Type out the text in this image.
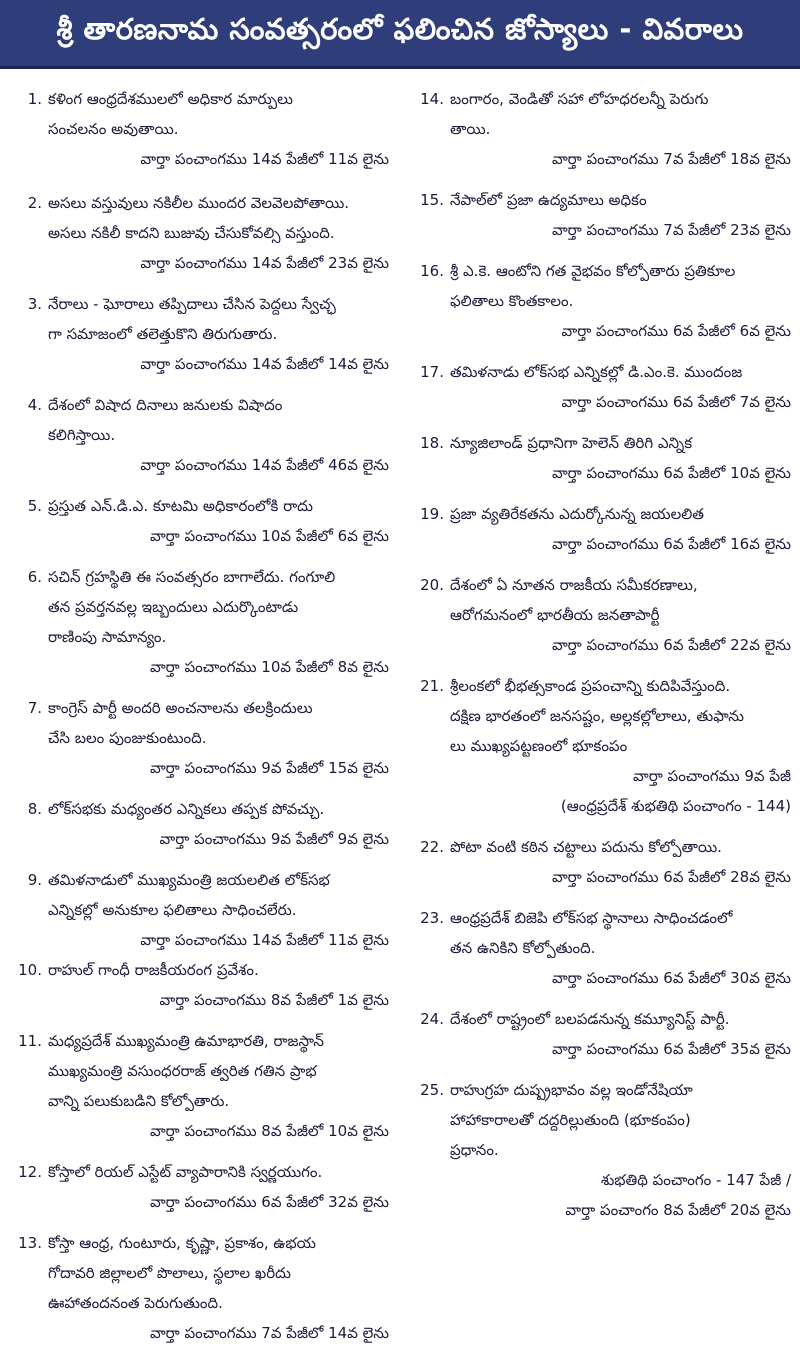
శ్రీ తారణనామ సంవత్సరంలో ఫలించిన జోస్యాలు - వివరాలు
1. కళింగ ఆంధ్రదేశములలో అధికార మార్పులు
సంచలనం అవుతాయి.
వార్తా పంచాంగము 14వ పేజీలో 11వ లైను
2. అసలు వస్తువులు నకిలీల ముందర వెలవెలపోతాయి.
అసలు నకిలీ కాదని బుజువు చేసుకోవల్సి వస్తుంది.
వార్తా పంచాంగము 14వ పేజీలో 23వ లైను
3. నేరాలు - ఘోరాలు తప్పిదాలు చేసిన పెద్దలు స్వేచ్ఛ
గా సమాజంలో తలెత్తుకొని తిరుగుతారు.
వార్తా పంచాంగము 14వ పేజీలో 14వ లైను
4. దేశంలో విషాద దినాలు జనులకు విషాదం
కలిగిస్తాయి.
వార్తా పంచాంగము 14వ పేజీలో 46వ లైను
5. ప్రస్తుత ఎన్.డి.ఎ. కూటమి అధికారంలోకి రాదు
వార్తా పంచాంగము 10వ పేజీలో 6వ లైను
6. సచిన్ గ్రహస్థితి ఈ సంవత్సరం బాగాలేదు. గంగూలి
తన ప్రవర్తనవల్ల ఇబ్బందులు ఎదుర్కొంటాడు
రాణింపు సామాన్యం.
వార్తా పంచాంగము 10వ పేజీలో 8వ లైను
7. కాంగ్రెస్ పార్టీ అందరి అంచనాలను తలక్రిందులు
చేసి బలం పుంజుకుంటుంది.
వార్తా పంచాంగము 9వ పేజీలో 15వ లైను
8. లోక్‌సభకు మధ్యంతర ఎన్నికలు తప్పక పోవచ్చు.
వార్తా పంచాంగము 9వ పేజీలో 9వ లైను
9. తమిళనాడులో ముఖ్యమంత్రి జయలలిత లోక్‌సభ
ఎన్నికల్లో అనుకూల ఫలితాలు సాధించలేరు.
వార్తా పంచాంగము 14వ పేజీలో 11వ లైను
10. రాహుల్ గాంధీ రాజకీయరంగ ప్రవేశం.
వార్తా పంచాంగము 8వ పేజీలో 1వ లైను
11. మధ్యప్రదేశ్ ముఖ్యమంత్రి ఉమాభారతి, రాజస్థాన్
ముఖ్యమంత్రి వసుంధరరాజ్ త్వరిత గతిన ప్రాభ
వాన్ని పలుకుబడిని కోల్పోతారు.
వార్తా పంచాంగము 8వ పేజీలో 10వ లైను
12. కోస్తాలో రియల్ ఎస్టేట్ వ్యాపారానికి స్వర్ణయుగం.
వార్తా పంచాంగము 6వ పేజీలో 32వ లైను
13. కోస్తా ఆంధ్ర, గుంటూరు, కృష్ణా, ప్రకాశం, ఉభయ
గోదావరి జిల్లాలలో పొలాలు, స్థలాల ఖరీదు
ఊహాతందనంత పెరుగుతుంది.
వార్తా పంచాంగము 7వ పేజీలో 14వ లైను
14. బంగారం, వెండితో సహా లోహధరలన్నీ పెరుగు
తాయి.
వార్తా పంచాంగము 7వ పేజీలో 18వ లైను
15. నేపాల్‌లో ప్రజా ఉద్యమాలు అధికం
వార్తా పంచాంగము 7వ పేజీలో 23వ లైను
16. శ్రీ ఎ.కె. ఆంటోని గత వైభవం కోల్పోతారు ప్రతికూల
ఫలితాలు కొంతకాలం.
వార్తా పంచాంగము 6వ పేజీలో 6వ లైను
17. తమిళనాడు లోక్‌సభ ఎన్నికల్లో డి.ఎం.కె. ముందంజ
వార్తా పంచాంగము 6వ పేజీలో 7వ లైను
18. న్యూజిలాండ్ ప్రధానిగా హెలెన్ తిరిగి ఎన్నిక
వార్తా పంచాంగము 6వ పేజీలో 10వ లైను
19. ప్రజా వ్యతిరేకతను ఎదుర్కోనున్న జయలలిత
వార్తా పంచాంగము 6వ పేజీలో 16వ లైను
20. దేశంలో ఏ నూతన రాజకీయ సమీకరణాలు,
ఆరోగమనంలో భారతీయ జనతాపార్టీ
వార్తా పంచాంగము 6వ పేజీలో 22వ లైను
21. శ్రీలంకలో భీభత్సకాండ ప్రపంచాన్ని కుదిపివేస్తుంది.
దక్షిణ భారతంలో జనసష్టం, అల్లకల్లోలాలు, తుఫాను
లు ముఖ్యపట్టణంలో భూకంపం
వార్తా పంచాంగము 9వ పేజీ
(ఆంధ్రప్రదేశ్ శుభతిథి పంచాంగం - 144)
22. పోటా వంటి కఠిన చట్టాలు పదును కోల్పోతాయి.
వార్తా పంచాంగము 6వ పేజీలో 28వ లైను
23. ఆంధ్రప్రదేశ్ బిజెపి లోక్‌సభ స్థానాలు సాధించడంలో
తన ఉనికిని కోల్పోతుంది.
వార్తా పంచాంగము 6వ పేజీలో 30వ లైను
24. దేశంలో రాష్ట్రంలో బలపడనున్న కమ్యూనిస్ట్ పార్టీ.
వార్తా పంచాంగము 6వ పేజీలో 35వ లైను
25. రాహుగ్రహ దుష్ప్రభావం వల్ల ఇండోనేషియా
హాహాకారాలతో దద్దరిల్లుతుంది (భూకంపం)
ప్రధానం.
శుభతిథి పంచాంగం - 147 పేజీ /
వార్తా పంచాంగం 8వ పేజీలో 20వ లైను
